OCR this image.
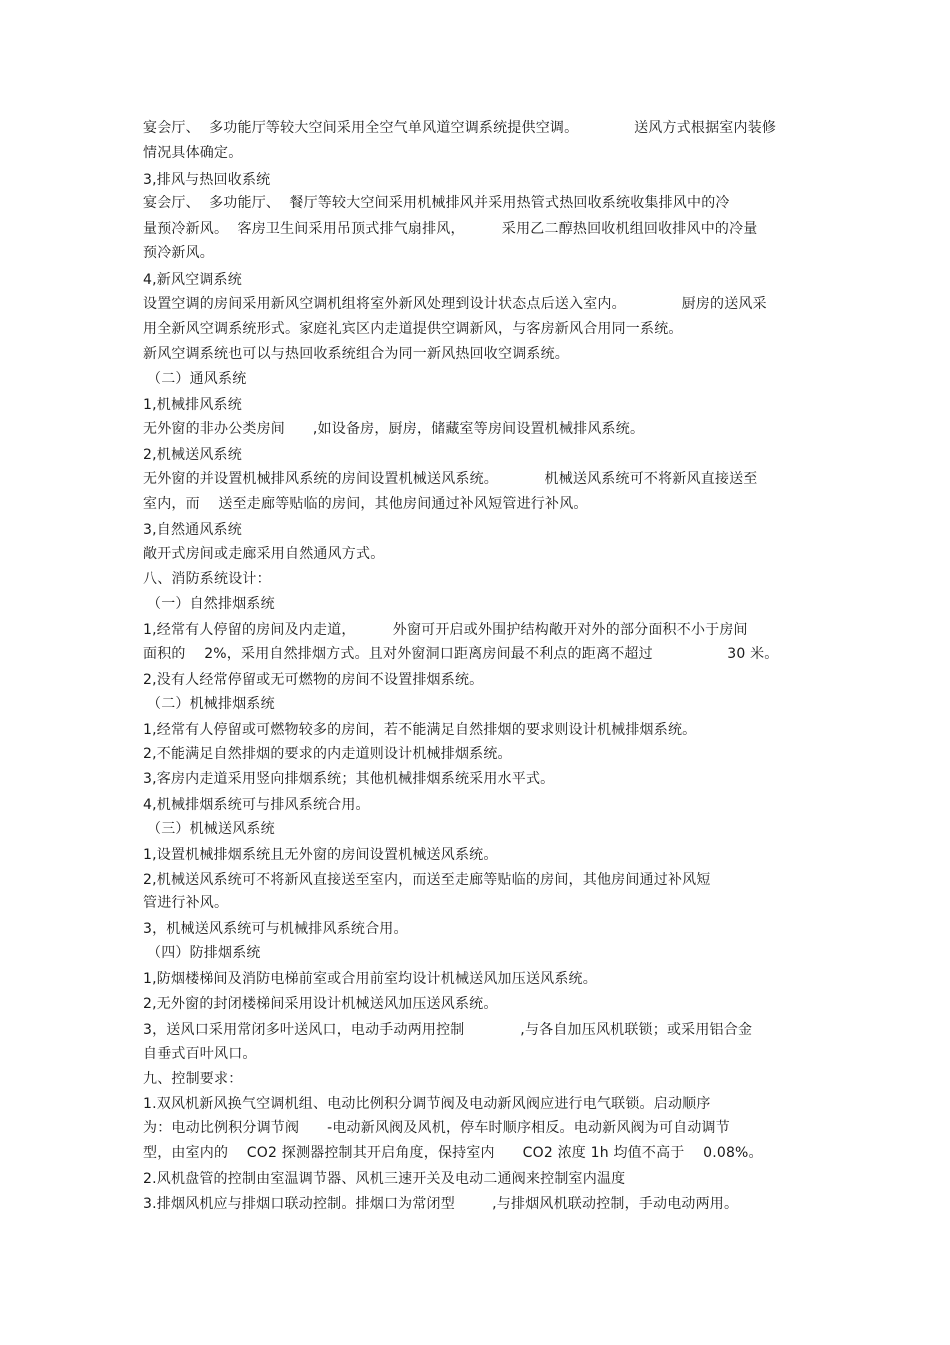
宴会厅、  多功能厅等较大空间采用全空气单风道空调系统提供空调。            送风方式根据室内装修
情况具体确定。
3,排风与热回收系统
宴会厅、  多功能厅、  餐厅等较大空间采用机械排风并采用热管式热回收系统收集排风中的冷
量预冷新风。  客房卫生间采用吊顶式排气扇排风，        采用乙二醇热回收机组回收排风中的冷量
预冷新风。
4,新风空调系统
设置空调的房间采用新风空调机组将室外新风处理到设计状态点后送入室内。            厨房的送风采
用全新风空调系统形式。家庭礼宾区内走道提供空调新风，与客房新风合用同一系统。
新风空调系统也可以与热回收系统组合为同一新风热回收空调系统。
（二）通风系统
1,机械排风系统
无外窗的非办公类房间      ,如设备房，厨房，储藏室等房间设置机械排风系统。
2,机械送风系统
无外窗的并设置机械排风系统的房间设置机械送风系统。          机械送风系统可不将新风直接送至
室内，而    送至走廊等贴临的房间，其他房间通过补风短管进行补风。
3,自然通风系统
敞开式房间或走廊采用自然通风方式。
八、消防系统设计：
（一）自然排烟系统
1,经常有人停留的房间及内走道，        外窗可开启或外围护结构敞开对外的部分面积不小于房间
面积的    2%，采用自然排烟方式。且对外窗洞口距离房间最不利点的距离不超过                30 米。
2,没有人经常停留或无可燃物的房间不设置排烟系统。
（二）机械排烟系统
1,经常有人停留或可燃物较多的房间，若不能满足自然排烟的要求则设计机械排烟系统。
2,不能满足自然排烟的要求的内走道则设计机械排烟系统。
3,客房内走道采用竖向排烟系统；其他机械排烟系统采用水平式。
4,机械排烟系统可与排风系统合用。
（三）机械送风系统
1,设置机械排烟系统且无外窗的房间设置机械送风系统。
2,机械送风系统可不将新风直接送至室内，而送至走廊等贴临的房间，其他房间通过补风短
管进行补风。
3，机械送风系统可与机械排风系统合用。
（四）防排烟系统
1,防烟楼梯间及消防电梯前室或合用前室均设计机械送风加压送风系统。
2,无外窗的封闭楼梯间采用设计机械送风加压送风系统。
3，送风口采用常闭多叶送风口，电动手动两用控制            ,与各自加压风机联锁；或采用铝合金
自垂式百叶风口。
九、控制要求：
1.双风机新风换气空调机组、电动比例积分调节阀及电动新风阀应进行电气联锁。启动顺序
为：电动比例积分调节阀      -电动新风阀及风机，停车时顺序相反。电动新风阀为可自动调节
型，由室内的    CO2 探测器控制其开启角度，保持室内      CO2 浓度 1h 均值不高于    0.08%。
2.风机盘管的控制由室温调节器、风机三速开关及电动二通阀来控制室内温度
3.排烟风机应与排烟口联动控制。排烟口为常闭型        ,与排烟风机联动控制，手动电动两用。
